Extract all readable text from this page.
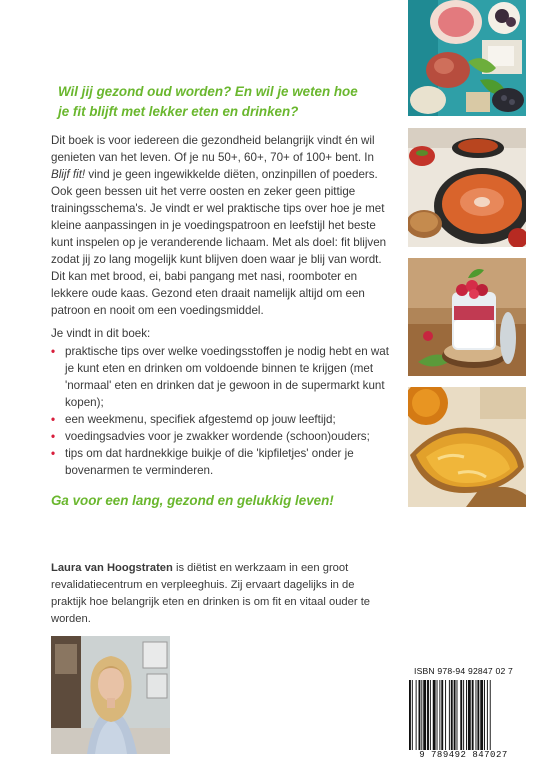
Wil jij gezond oud worden? En wil je weten hoe
je fit blijft met lekker eten en drinken?

Dit boek is voor iedereen die gezondheid belangrijk vindt én wil genieten van het leven. Of je nu 50+, 60+, 70+ of 100+ bent. In Blijf fit! vind je geen ingewikkelde diëten, onzinpillen of poeders. Ook geen bessen uit het verre oosten en zeker geen pittige trainingsschema's. Je vindt er wel praktische tips over hoe je met kleine aanpassingen in je voedingspatroon en leefstijl het beste kunt inspelen op je veranderende lichaam. Met als doel: fit blijven zodat jij zo lang mogelijk kunt blijven doen waar je blij van wordt. Dit kan met brood, ei, babi pangang met nasi, roomboter en lekkere oude kaas. Gezond eten draait namelijk altijd om een patroon en nooit om een voedingsmiddel.

Je vindt in dit boek:

• praktische tips over welke voedingsstoffen je nodig hebt en wat je kunt eten en drinken om voldoende binnen te krijgen (met 'normaal' eten en drinken dat je gewoon in de supermarkt kunt kopen);
• een weekmenu, specifiek afgestemd op jouw leeftijd;
• voedingsadvies voor je zwakker wordende (schoon)ouders;
• tips om dat hardnekkige buikje of die 'kipfiletjes' onder je bovenarmen te verminderen.

Ga voor een lang, gezond en gelukkig leven!

Laura van Hoogstraten is diëtist en werkzaam in een groot revalidatiecentrum en verpleeghuis. Zij ervaart dagelijks in de praktijk hoe belangrijk eten en drinken is om fit en vitaal ouder te worden.

ISBN 978-94 92847 02 7
9 789492 847027
